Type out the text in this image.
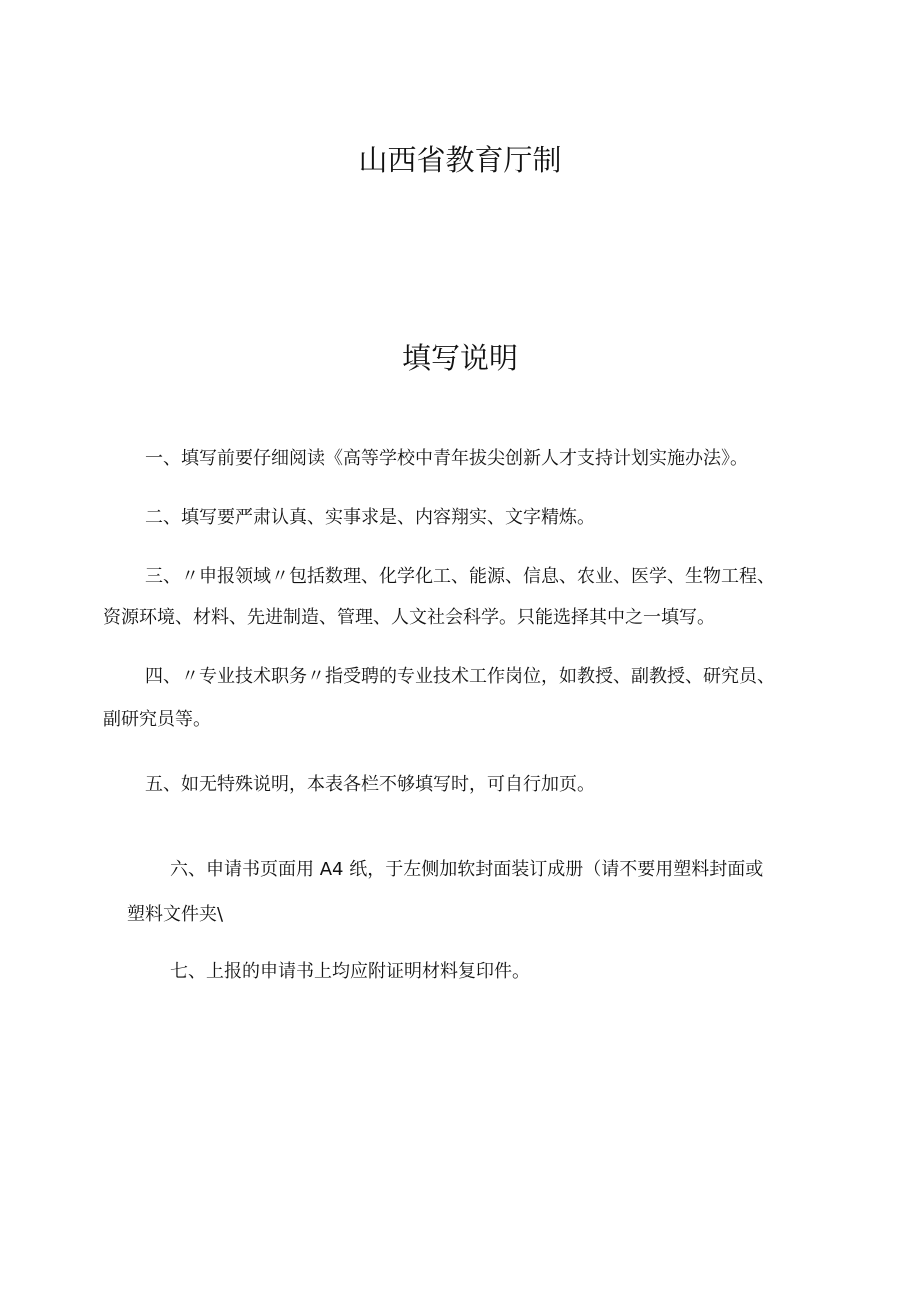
山西省教育厅制
填写说明
一、填写前要仔细阅读《高等学校中青年拔尖创新人才支持计划实施办法》。
二、填写要严肃认真、实事求是、内容翔实、文字精炼。
三、〃申报领域〃包括数理、化学化工、能源、信息、农业、医学、生物工程、
资源环境、材料、先进制造、管理、人文社会科学。只能选择其中之一填写。
四、〃专业技术职务〃指受聘的专业技术工作岗位，如教授、副教授、研究员、
副研究员等。
五、如无特殊说明，本表各栏不够填写时，可自行加页。
六、申请书页面用 A4 纸，于左侧加软封面装订成册（请不要用塑料封面或
塑料文件夹\
七、上报的申请书上均应附证明材料复印件。
